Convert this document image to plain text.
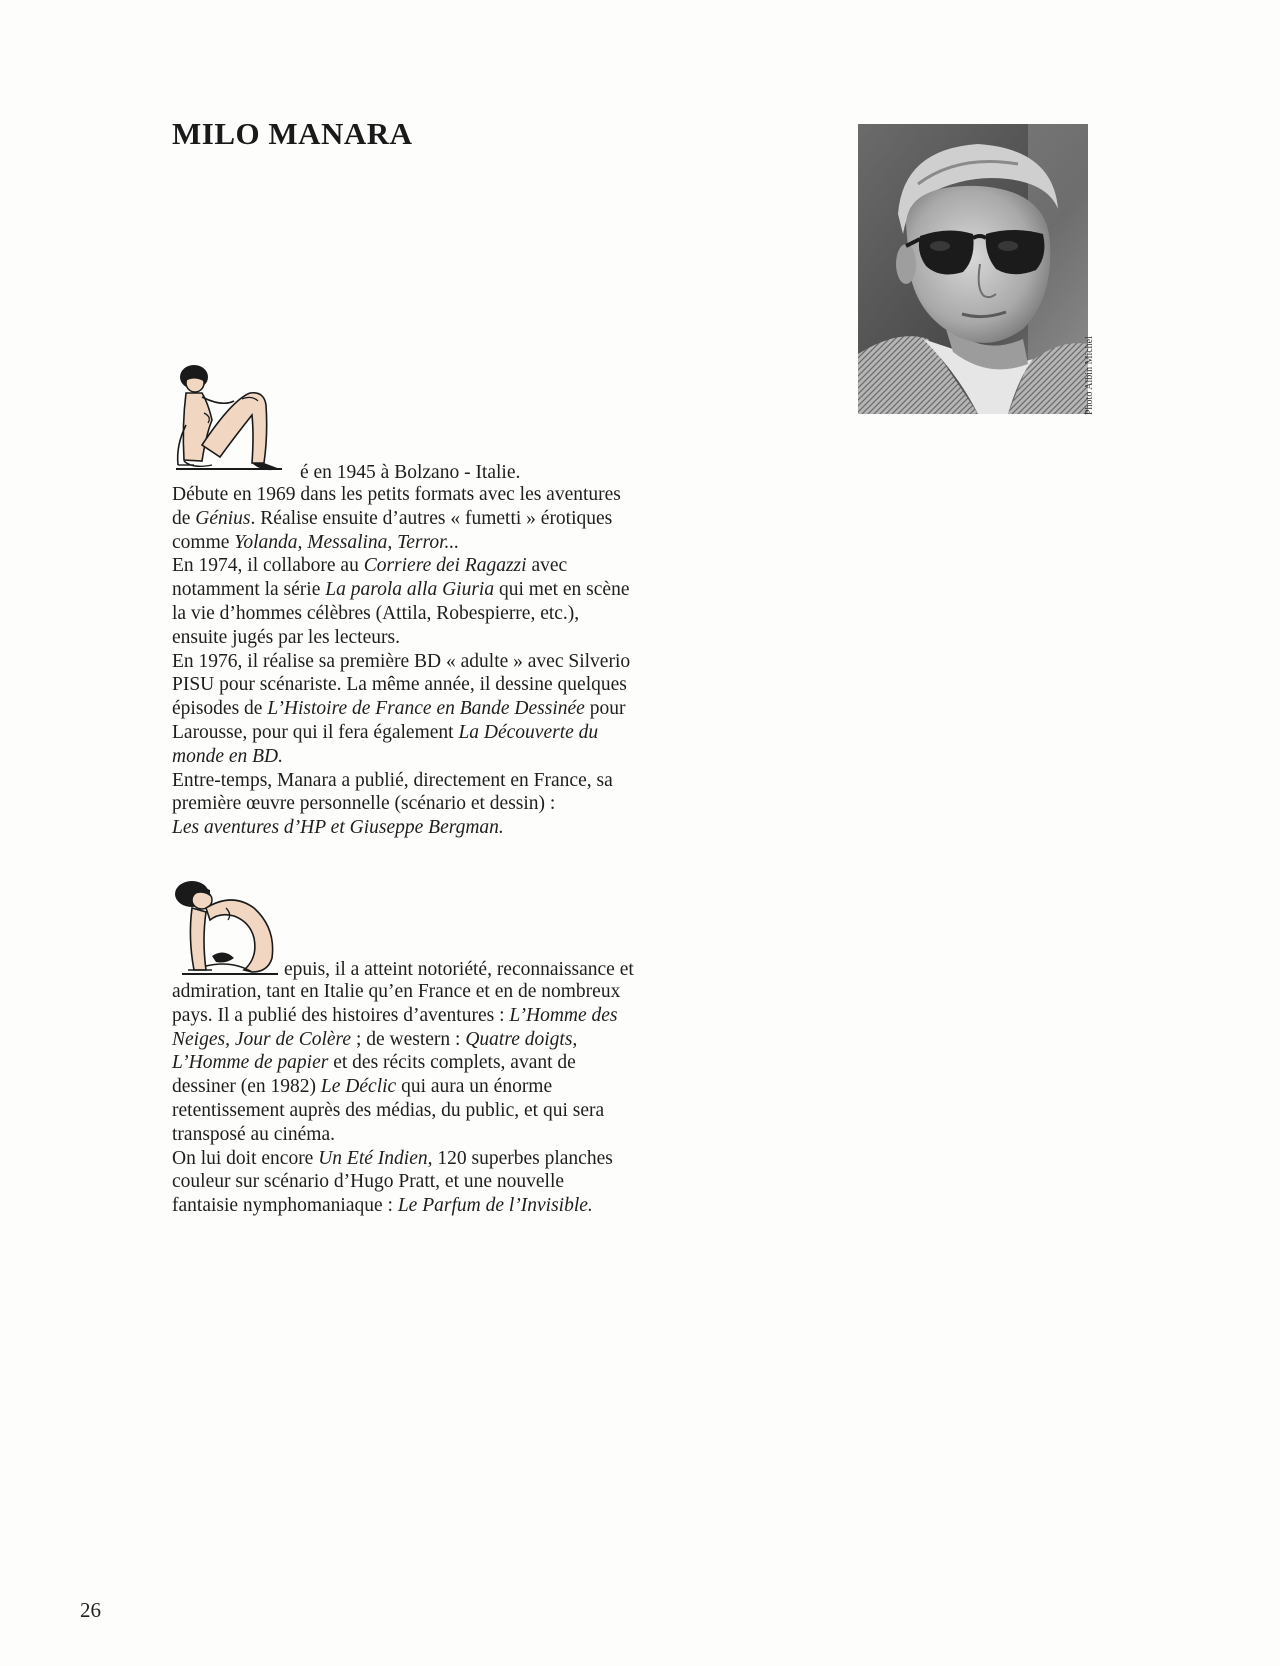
MILO MANARA
Photo Albin Michel
é en 1945 à Bolzano - Italie.

Débute en 1969 dans les petits formats avec les aventures
de Génius. Réalise ensuite d’autres « fumetti » érotiques
comme Yolanda, Messalina, Terror...
En 1974, il collabore au Corriere dei Ragazzi avec
notamment la série La parola alla Giuria qui met en scène
la vie d’hommes célèbres (Attila, Robespierre, etc.),
ensuite jugés par les lecteurs.
En 1976, il réalise sa première BD « adulte » avec Silverio
PISU pour scénariste. La même année, il dessine quelques
épisodes de L’Histoire de France en Bande Dessinée pour
Larousse, pour qui il fera également La Découverte du
monde en BD.
Entre-temps, Manara a publié, directement en France, sa
première œuvre personnelle (scénario et dessin) :
Les aventures d’HP et Giuseppe Bergman.

epuis, il a atteint notoriété, reconnaissance et

admiration, tant en Italie qu’en France et en de nombreux
pays. Il a publié des histoires d’aventures : L’Homme des
Neiges, Jour de Colère ; de western : Quatre doigts,
L’Homme de papier et des récits complets, avant de
dessiner (en 1982) Le Déclic qui aura un énorme
retentissement auprès des médias, du public, et qui sera
transposé au cinéma.
On lui doit encore Un Eté Indien, 120 superbes planches
couleur sur scénario d’Hugo Pratt, et une nouvelle
fantaisie nymphomaniaque : Le Parfum de l’Invisible.

26
